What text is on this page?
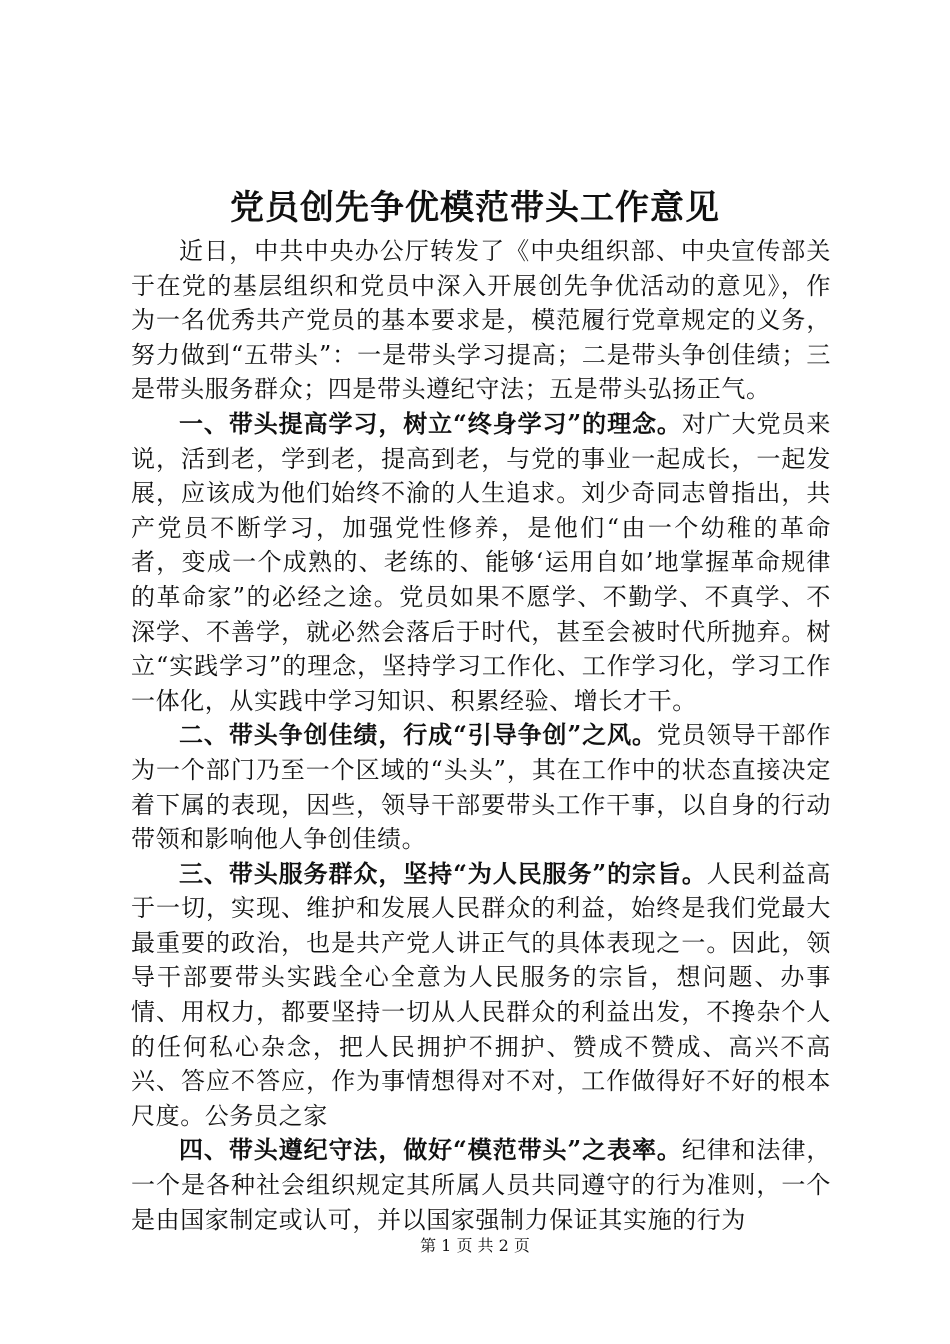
党员创先争优模范带头工作意见

近日，中共中央办公厅转发了《中央组织部、中央宣传部关于在党的基层组织和党员中深入开展创先争优活动的意见》，作为一名优秀共产党员的基本要求是，模范履行党章规定的义务，努力做到“五带头”：一是带头学习提高；二是带头争创佳绩；三是带头服务群众；四是带头遵纪守法；五是带头弘扬正气。

一、带头提高学习，树立“终身学习”的理念。对广大党员来说，活到老，学到老，提高到老，与党的事业一起成长，一起发展，应该成为他们始终不渝的人生追求。刘少奇同志曾指出，共产党员不断学习，加强党性修养，是他们“由一个幼稚的革命者，变成一个成熟的、老练的、能够‘运用自如’地掌握革命规律的革命家”的必经之途。党员如果不愿学、不勤学、不真学、不深学、不善学，就必然会落后于时代，甚至会被时代所抛弃。树立“实践学习”的理念，坚持学习工作化、工作学习化，学习工作一体化，从实践中学习知识、积累经验、增长才干。

二、带头争创佳绩，行成“引导争创”之风。党员领导干部作为一个部门乃至一个区域的“头头”，其在工作中的状态直接决定着下属的表现，因些，领导干部要带头工作干事，以自身的行动带领和影响他人争创佳绩。

三、带头服务群众，坚持“为人民服务”的宗旨。人民利益高于一切，实现、维护和发展人民群众的利益，始终是我们党最大最重要的政治，也是共产党人讲正气的具体表现之一。因此，领导干部要带头实践全心全意为人民服务的宗旨，想问题、办事情、用权力，都要坚持一切从人民群众的利益出发，不搀杂个人的任何私心杂念，把人民拥护不拥护、赞成不赞成、高兴不高兴、答应不答应，作为事情想得对不对，工作做得好不好的根本尺度。公务员之家

四、带头遵纪守法，做好“模范带头”之表率。纪律和法律，一个是各种社会组织规定其所属人员共同遵守的行为准则，一个是由国家制定或认可，并以国家强制力保证其实施的行为

第 1 页 共 2 页
